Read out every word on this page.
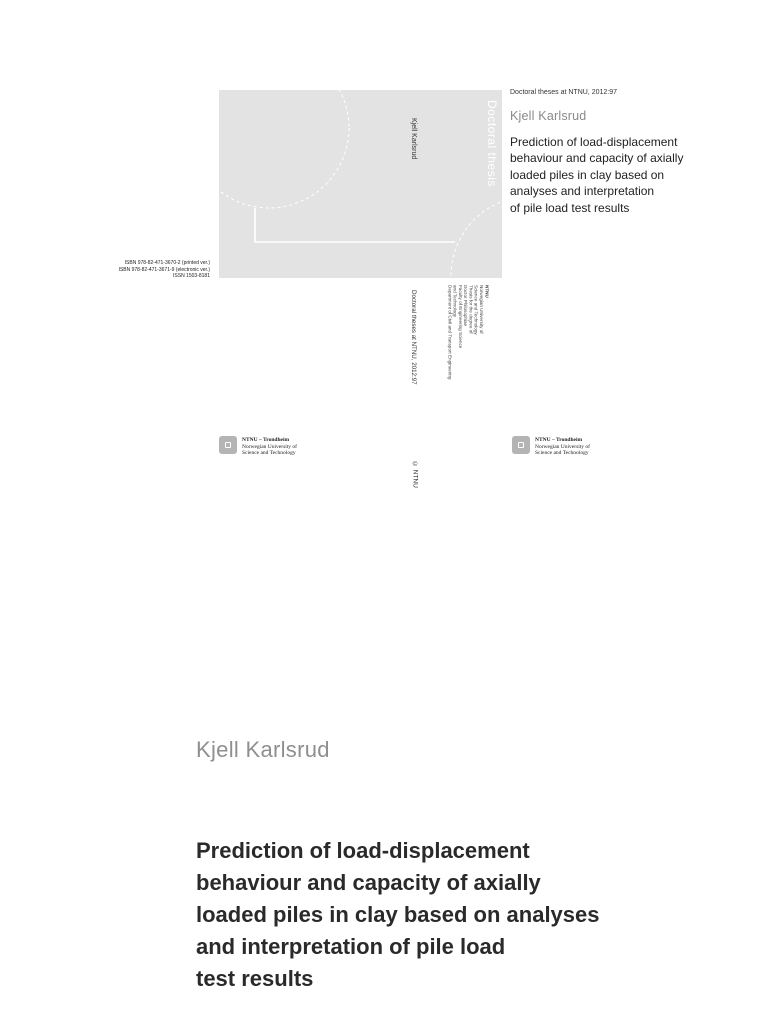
Kjell Karlsrud	Doctoral thesis
Doctoral theses at NTNU, 2012:97
© NTNU
NTNU
Norwegian University of
Science and Technology
Thesis for the degree of
Doctor Philosophiae
Faculty of Engineering Science
and Technology
Department of Civil and Transport Engineering
ISBN 978-82-471-3670-2 (printed ver.)
ISBN 978-82-471-3671-9 (electronic ver.)
ISSN 1503-8181
Doctoral theses at NTNU, 2012:97
Kjell Karlsrud
Prediction of load-displacement
behaviour and capacity of axially
loaded piles in clay based on
analyses and interpretation
of pile load test results
NTNU – Trondheim
Norwegian University of
Science and Technology
NTNU – Trondheim
Norwegian University of
Science and Technology
Kjell Karlsrud
Prediction of load-displacement
behaviour and capacity of axially
loaded piles in clay based on analyses
and interpretation of pile load
test results
